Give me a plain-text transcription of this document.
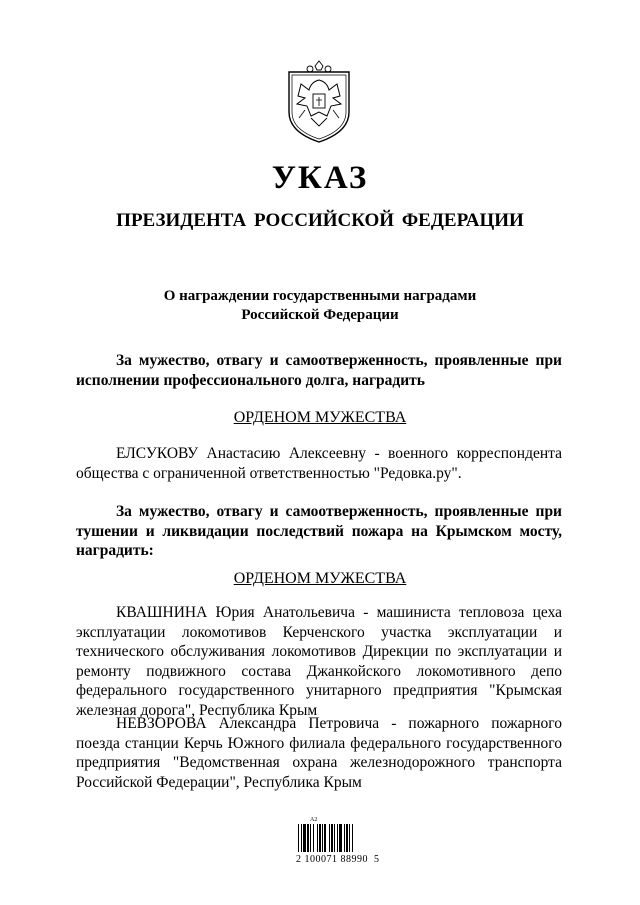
УКАЗ
ПРЕЗИДЕНТА РОССИЙСКОЙ ФЕДЕРАЦИИ
О награждении государственными наградами
Российской Федерации
За мужество, отвагу и самоотверженность, проявленные при исполнении профессионального долга, наградить
ОРДЕНОМ МУЖЕСТВА
ЕЛСУКОВУ Анастасию Алексеевну - военного корреспондента общества с ограниченной ответственностью "Редовка.ру".
За мужество, отвагу и самоотверженность, проявленные при тушении и ликвидации последствий пожара на Крымском мосту, наградить:
ОРДЕНОМ МУЖЕСТВА
КВАШНИНА Юрия Анатольевича - машиниста тепловоза цеха эксплуатации локомотивов Керченского участка эксплуатации и технического обслуживания локомотивов Дирекции по эксплуатации и ремонту подвижного состава Джанкойского локомотивного депо федерального государственного унитарного предприятия "Крымская железная дорога", Республика Крым
НЕВЗОРОВА Александра Петровича - пожарного пожарного поезда станции Керчь Южного филиала федерального государственного предприятия "Ведомственная охрана железнодорожного транспорта Российской Федерации", Республика Крым
A2
2 100071 88990  5
